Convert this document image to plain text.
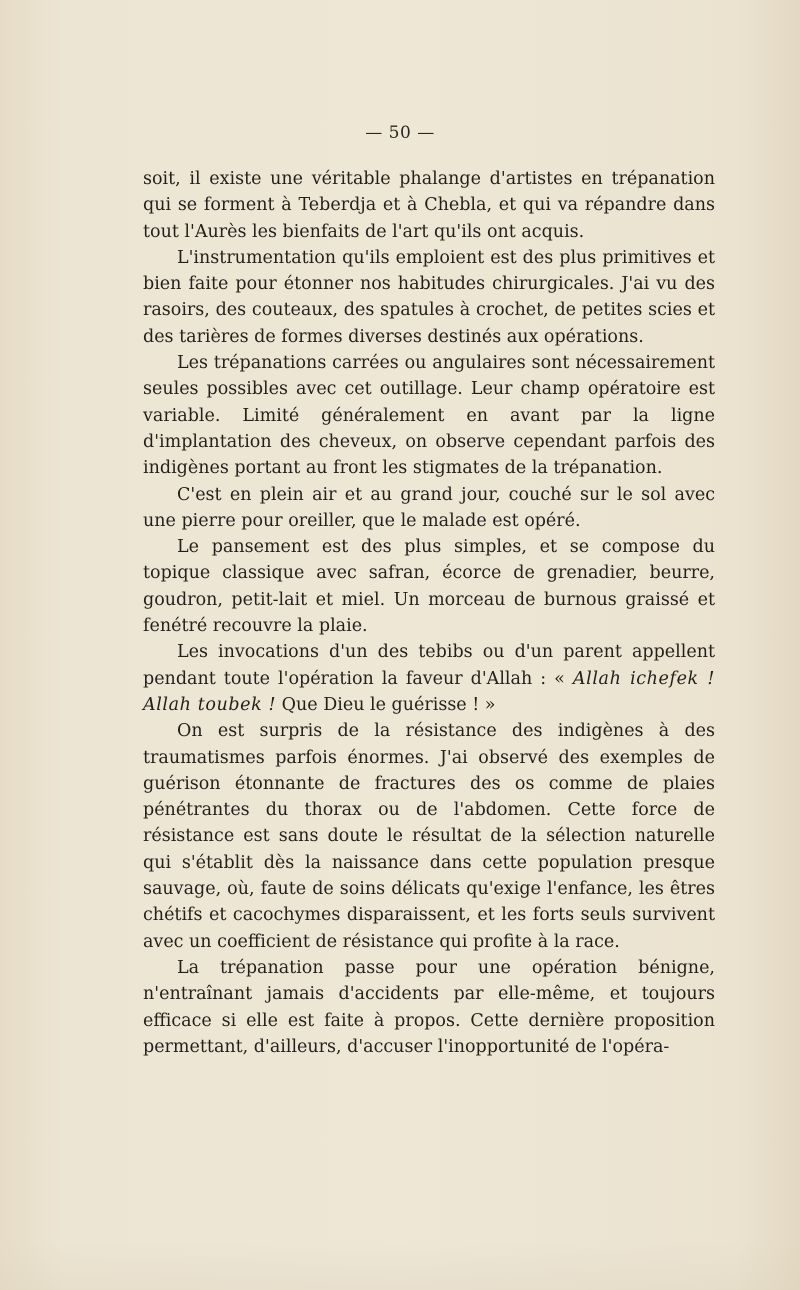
— 50 —

soit, il existe une véritable phalange d'artistes en trépanation qui se forment à Teberdja et à Chebla, et qui va répandre dans tout l'Aurès les bienfaits de l'art qu'ils ont acquis.

L'instrumentation qu'ils emploient est des plus primitives et bien faite pour étonner nos habitudes chirurgicales. J'ai vu des rasoirs, des couteaux, des spatules à crochet, de petites scies et des tarières de formes diverses destinés aux opérations.

Les trépanations carrées ou angulaires sont nécessairement seules possibles avec cet outillage. Leur champ opératoire est variable. Limité généralement en avant par la ligne d'implantation des cheveux, on observe cependant parfois des indigènes portant au front les stigmates de la trépanation.

C'est en plein air et au grand jour, couché sur le sol avec une pierre pour oreiller, que le malade est opéré.

Le pansement est des plus simples, et se compose du topique classique avec safran, écorce de grenadier, beurre, goudron, petit-lait et miel. Un morceau de burnous graissé et fenétré recouvre la plaie.

Les invocations d'un des tebibs ou d'un parent appellent pendant toute l'opération la faveur d'Allah : « Allah ichefek ! Allah toubek ! Que Dieu le guérisse ! »

On est surpris de la résistance des indigènes à des traumatismes parfois énormes. J'ai observé des exemples de guérison étonnante de fractures des os comme de plaies pénétrantes du thorax ou de l'abdomen. Cette force de résistance est sans doute le résultat de la sélection naturelle qui s'établit dès la naissance dans cette population presque sauvage, où, faute de soins délicats qu'exige l'enfance, les êtres chétifs et cacochymes disparaissent, et les forts seuls survivent avec un coefficient de résistance qui profite à la race.

La trépanation passe pour une opération bénigne, n'entraînant jamais d'accidents par elle-même, et toujours efficace si elle est faite à propos. Cette dernière proposition permettant, d'ailleurs, d'accuser l'inopportunité de l'opéra-
